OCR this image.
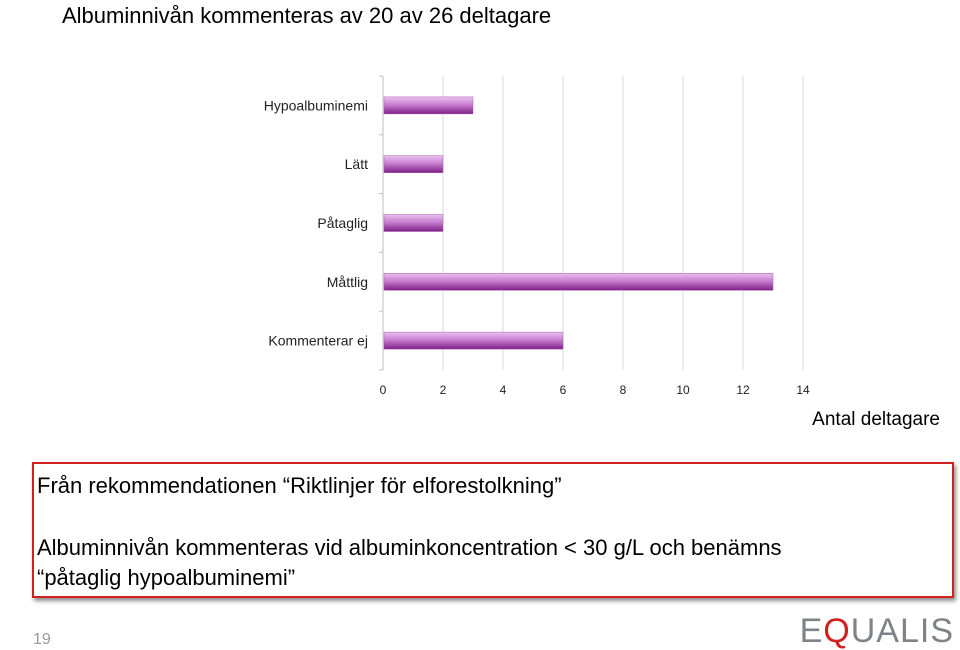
Albuminnivån kommenteras av 20 av 26 deltagare
Hypoalbuminemi
Lätt
Påtaglig
Måttlig
Kommenterar ej
0	2	4	6	8	10	12	14
Antal deltagare
Från rekommendationen “Riktlinjer för elforestolkning”
Albuminnivån kommenteras vid albuminkoncentration < 30 g/L och benämns
“påtaglig hypoalbuminemi”
19	EQUALIS
